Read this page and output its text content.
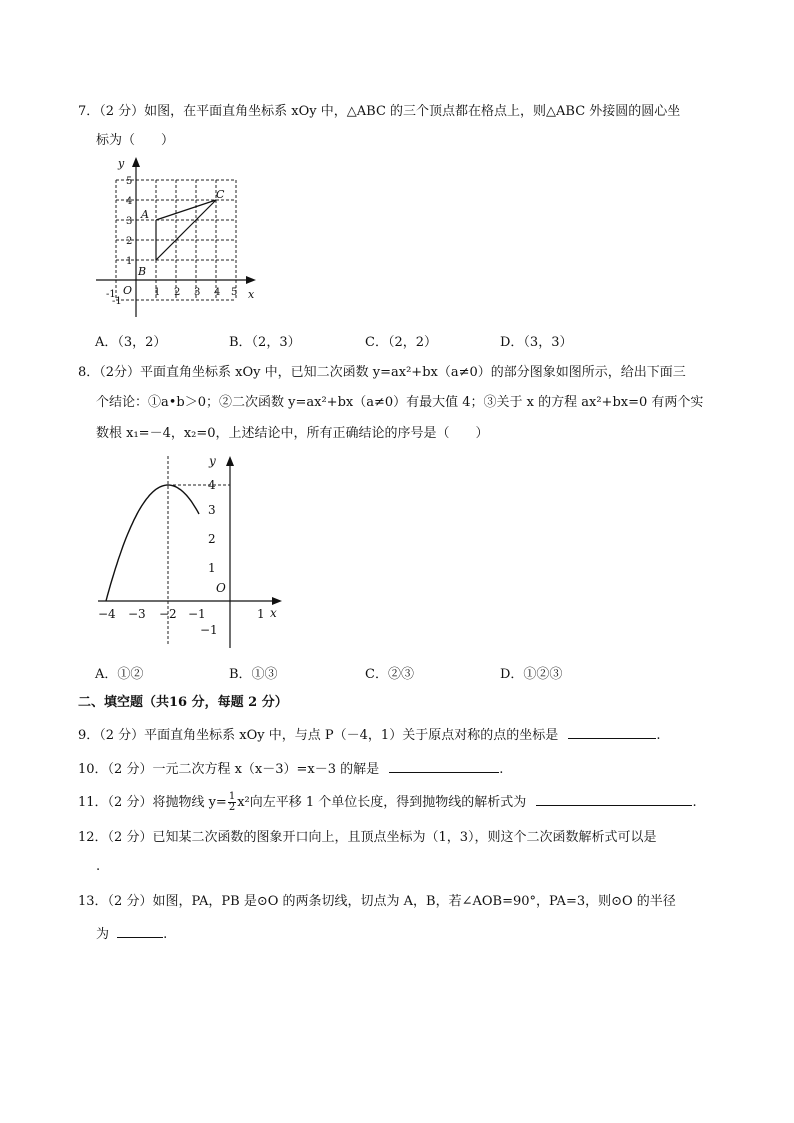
7．（2 分）如图，在平面直角坐标系 xOy 中，△ABC 的三个顶点都在格点上，则△ABC 外接圆的圆心坐
标为（　　）
y
x
O
A
B
C
-1	1 2 3 4 5
-1
1
2
3
4
5
A．（3，2）	B．（2，3）	C．（2，2）	D．（3，3）
8．（2分）平面直角坐标系 xOy 中，已知二次函数 y=ax²+bx（a≠0）的部分图象如图所示，给出下面三
个结论：①a•b＞0；②二次函数 y=ax²+bx（a≠0）有最大值 4；③关于 x 的方程 ax²+bx=0 有两个实
数根 x₁=－4，x₂=0，上述结论中，所有正确结论的序号是（　　）
y
x
O
−4 −3 −2 −1	1
4
3
2
1
−1
A．①②	B．①③	C．②③	D．①②③
二、填空题（共16 分，每题 2 分）
9．（2 分）平面直角坐标系 xOy 中，与点 P（－4，1）关于原点对称的点的坐标是	.
10．（2 分）一元二次方程 x（x－3）=x－3 的解是	.
11．（2 分）将抛物线 $y= \frac{1}{2} x^2$向左平移 1 个单位长度，得到抛物线的解析式为	.
12．（2 分）已知某二次函数的图象开口向上，且顶点坐标为（1，3），则这个二次函数解析式可以是
.
13．（2 分）如图，PA，PB 是⊙O 的两条切线，切点为 A，B，若∠AOB=90°，PA=3，则⊙O 的半径
为	.
